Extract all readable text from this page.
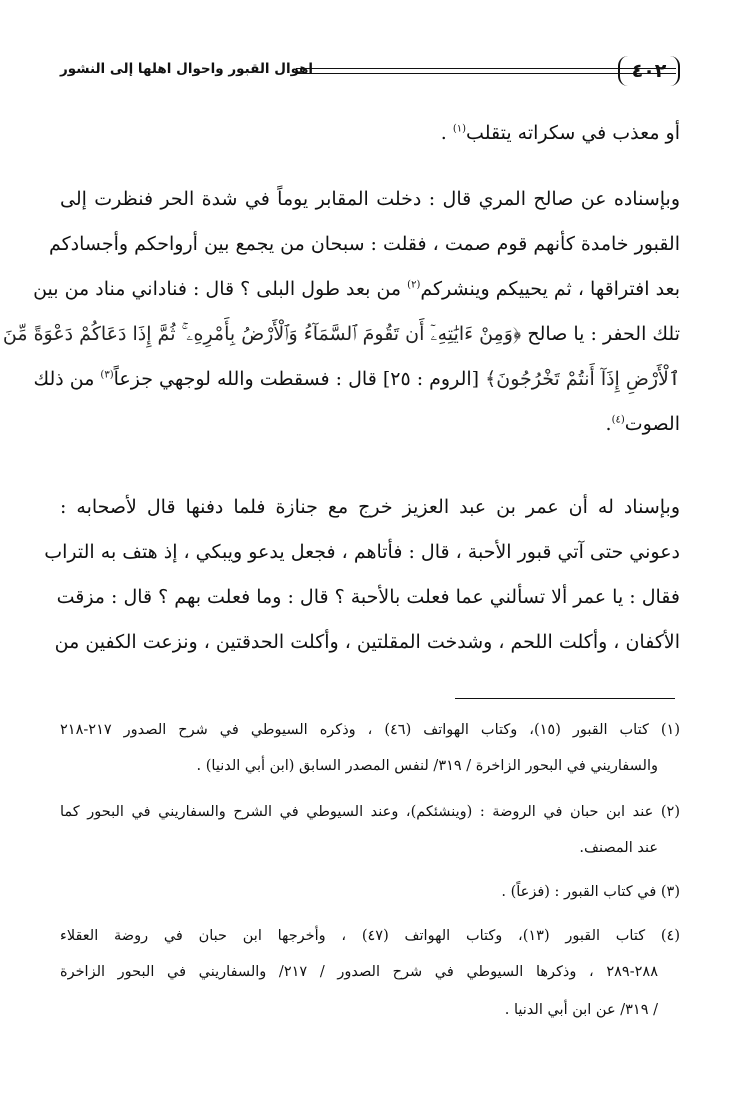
اهوال القبور واحوال اهلها إلى النشور	٤٠٢
أو معذب في سكراته يتقلب$^{(١)}$ .
وبإسناده عن صالح المري قال : دخلت المقابر يوماً في شدة الحر فنظرت إلى
القبور خامدة كأنهم قوم صمت ، فقلت : سبحان من يجمع بين أرواحكم وأجسادكم
بعد افتراقها ، ثم يحييكم وينشركم$^{(٢)}$ من بعد طول البلى ؟ قال : فناداني مناد من بين
تلك الحفر : يا صالح ﴿وَمِنْ ءَايَٰتِهِۦٓ أَن تَقُومَ ٱلسَّمَآءُ وَٱلْأَرْضُ بِأَمْرِهِۦ ۚ ثُمَّ إِذَا دَعَاكُمْ دَعْوَةً مِّنَ
ٱلْأَرْضِ إِذَآ أَنتُمْ تَخْرُجُونَ﴾ [الروم : ٢٥] قال : فسقطت والله لوجهي جزعاً$^{(٣)}$ من ذلك
الصوت$^{(٤)}$.
وبإسناد له أن عمر بن عبد العزيز خرج مع جنازة فلما دفنها قال لأصحابه :
دعوني حتى آتي قبور الأحبة ، قال : فأتاهم ، فجعل يدعو ويبكي ، إذ هتف به التراب
فقال : يا عمر ألا تسألني عما فعلت بالأحبة ؟ قال : وما فعلت بهم ؟ قال : مزقت
الأكفان ، وأكلت اللحم ، وشدخت المقلتين ، وأكلت الحدقتين ، ونزعت الكفين من
(١) كتاب القبور (١٥)، وكتاب الهواتف (٤٦) ، وذكره السيوطي في شرح الصدور ٢١٧-٢١٨
والسفاريني في البحور الزاخرة / ٣١٩/ لنفس المصدر السابق (ابن أبي الدنيا) .
(٢) عند ابن حبان في الروضة : (وينشئكم)، وعند السيوطي في الشرح والسفاريني في البحور كما
عند المصنف.
(٣) في كتاب القبور : (فزعاً) .
(٤) كتاب القبور (١٣)، وكتاب الهواتف (٤٧) ، وأخرجها ابن حبان في روضة العقلاء
٢٨٨-٢٨٩ ، وذكرها السيوطي في شرح الصدور / ٢١٧/ والسفاريني في البحور الزاخرة
/ ٣١٩/ عن ابن أبي الدنيا .
